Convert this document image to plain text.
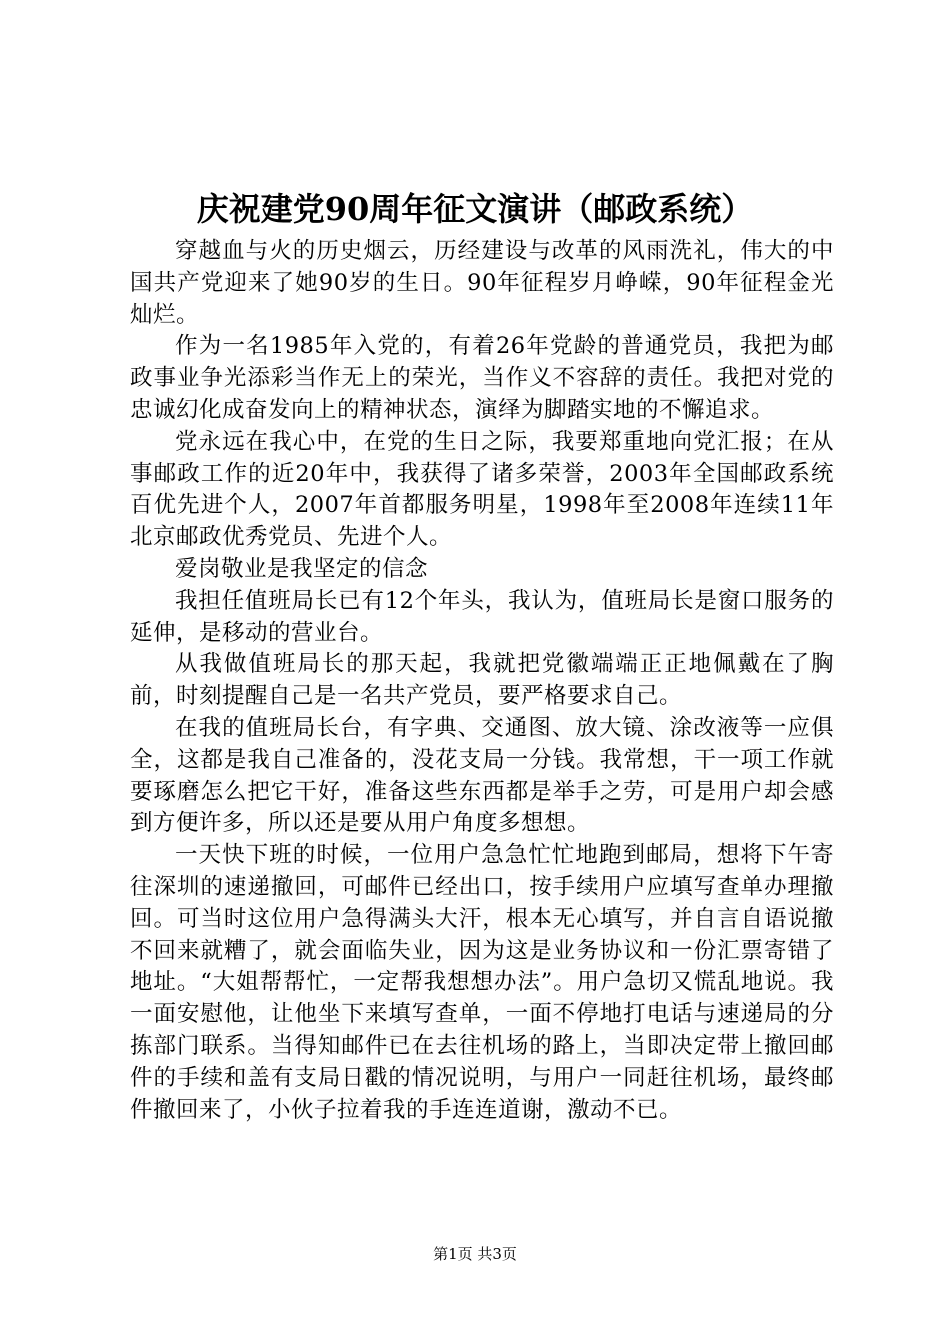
庆祝建党90周年征文演讲（邮政系统）

穿越血与火的历史烟云，历经建设与改革的风雨洗礼，伟大的中国共产党迎来了她90岁的生日。90年征程岁月峥嵘，90年征程金光灿烂。

作为一名1985年入党的，有着26年党龄的普通党员，我把为邮政事业争光添彩当作无上的荣光，当作义不容辞的责任。我把对党的忠诚幻化成奋发向上的精神状态，演绎为脚踏实地的不懈追求。

党永远在我心中，在党的生日之际，我要郑重地向党汇报；在从事邮政工作的近20年中，我获得了诸多荣誉，2003年全国邮政系统百优先进个人，2007年首都服务明星，1998年至2008年连续11年北京邮政优秀党员、先进个人。

爱岗敬业是我坚定的信念

我担任值班局长已有12个年头，我认为，值班局长是窗口服务的延伸，是移动的营业台。

从我做值班局长的那天起，我就把党徽端端正正地佩戴在了胸前，时刻提醒自己是一名共产党员，要严格要求自己。

在我的值班局长台，有字典、交通图、放大镜、涂改液等一应俱全，这都是我自己准备的，没花支局一分钱。我常想，干一项工作就要琢磨怎么把它干好，准备这些东西都是举手之劳，可是用户却会感到方便许多，所以还是要从用户角度多想想。

一天快下班的时候，一位用户急急忙忙地跑到邮局，想将下午寄往深圳的速递撤回，可邮件已经出口，按手续用户应填写查单办理撤回。可当时这位用户急得满头大汗，根本无心填写，并自言自语说撤不回来就糟了，就会面临失业，因为这是业务协议和一份汇票寄错了地址。“大姐帮帮忙，一定帮我想想办法”。用户急切又慌乱地说。我一面安慰他，让他坐下来填写查单，一面不停地打电话与速递局的分拣部门联系。当得知邮件已在去往机场的路上，当即决定带上撤回邮件的手续和盖有支局日戳的情况说明，与用户一同赶往机场，最终邮件撤回来了，小伙子拉着我的手连连道谢，激动不已。

第1页 共3页
